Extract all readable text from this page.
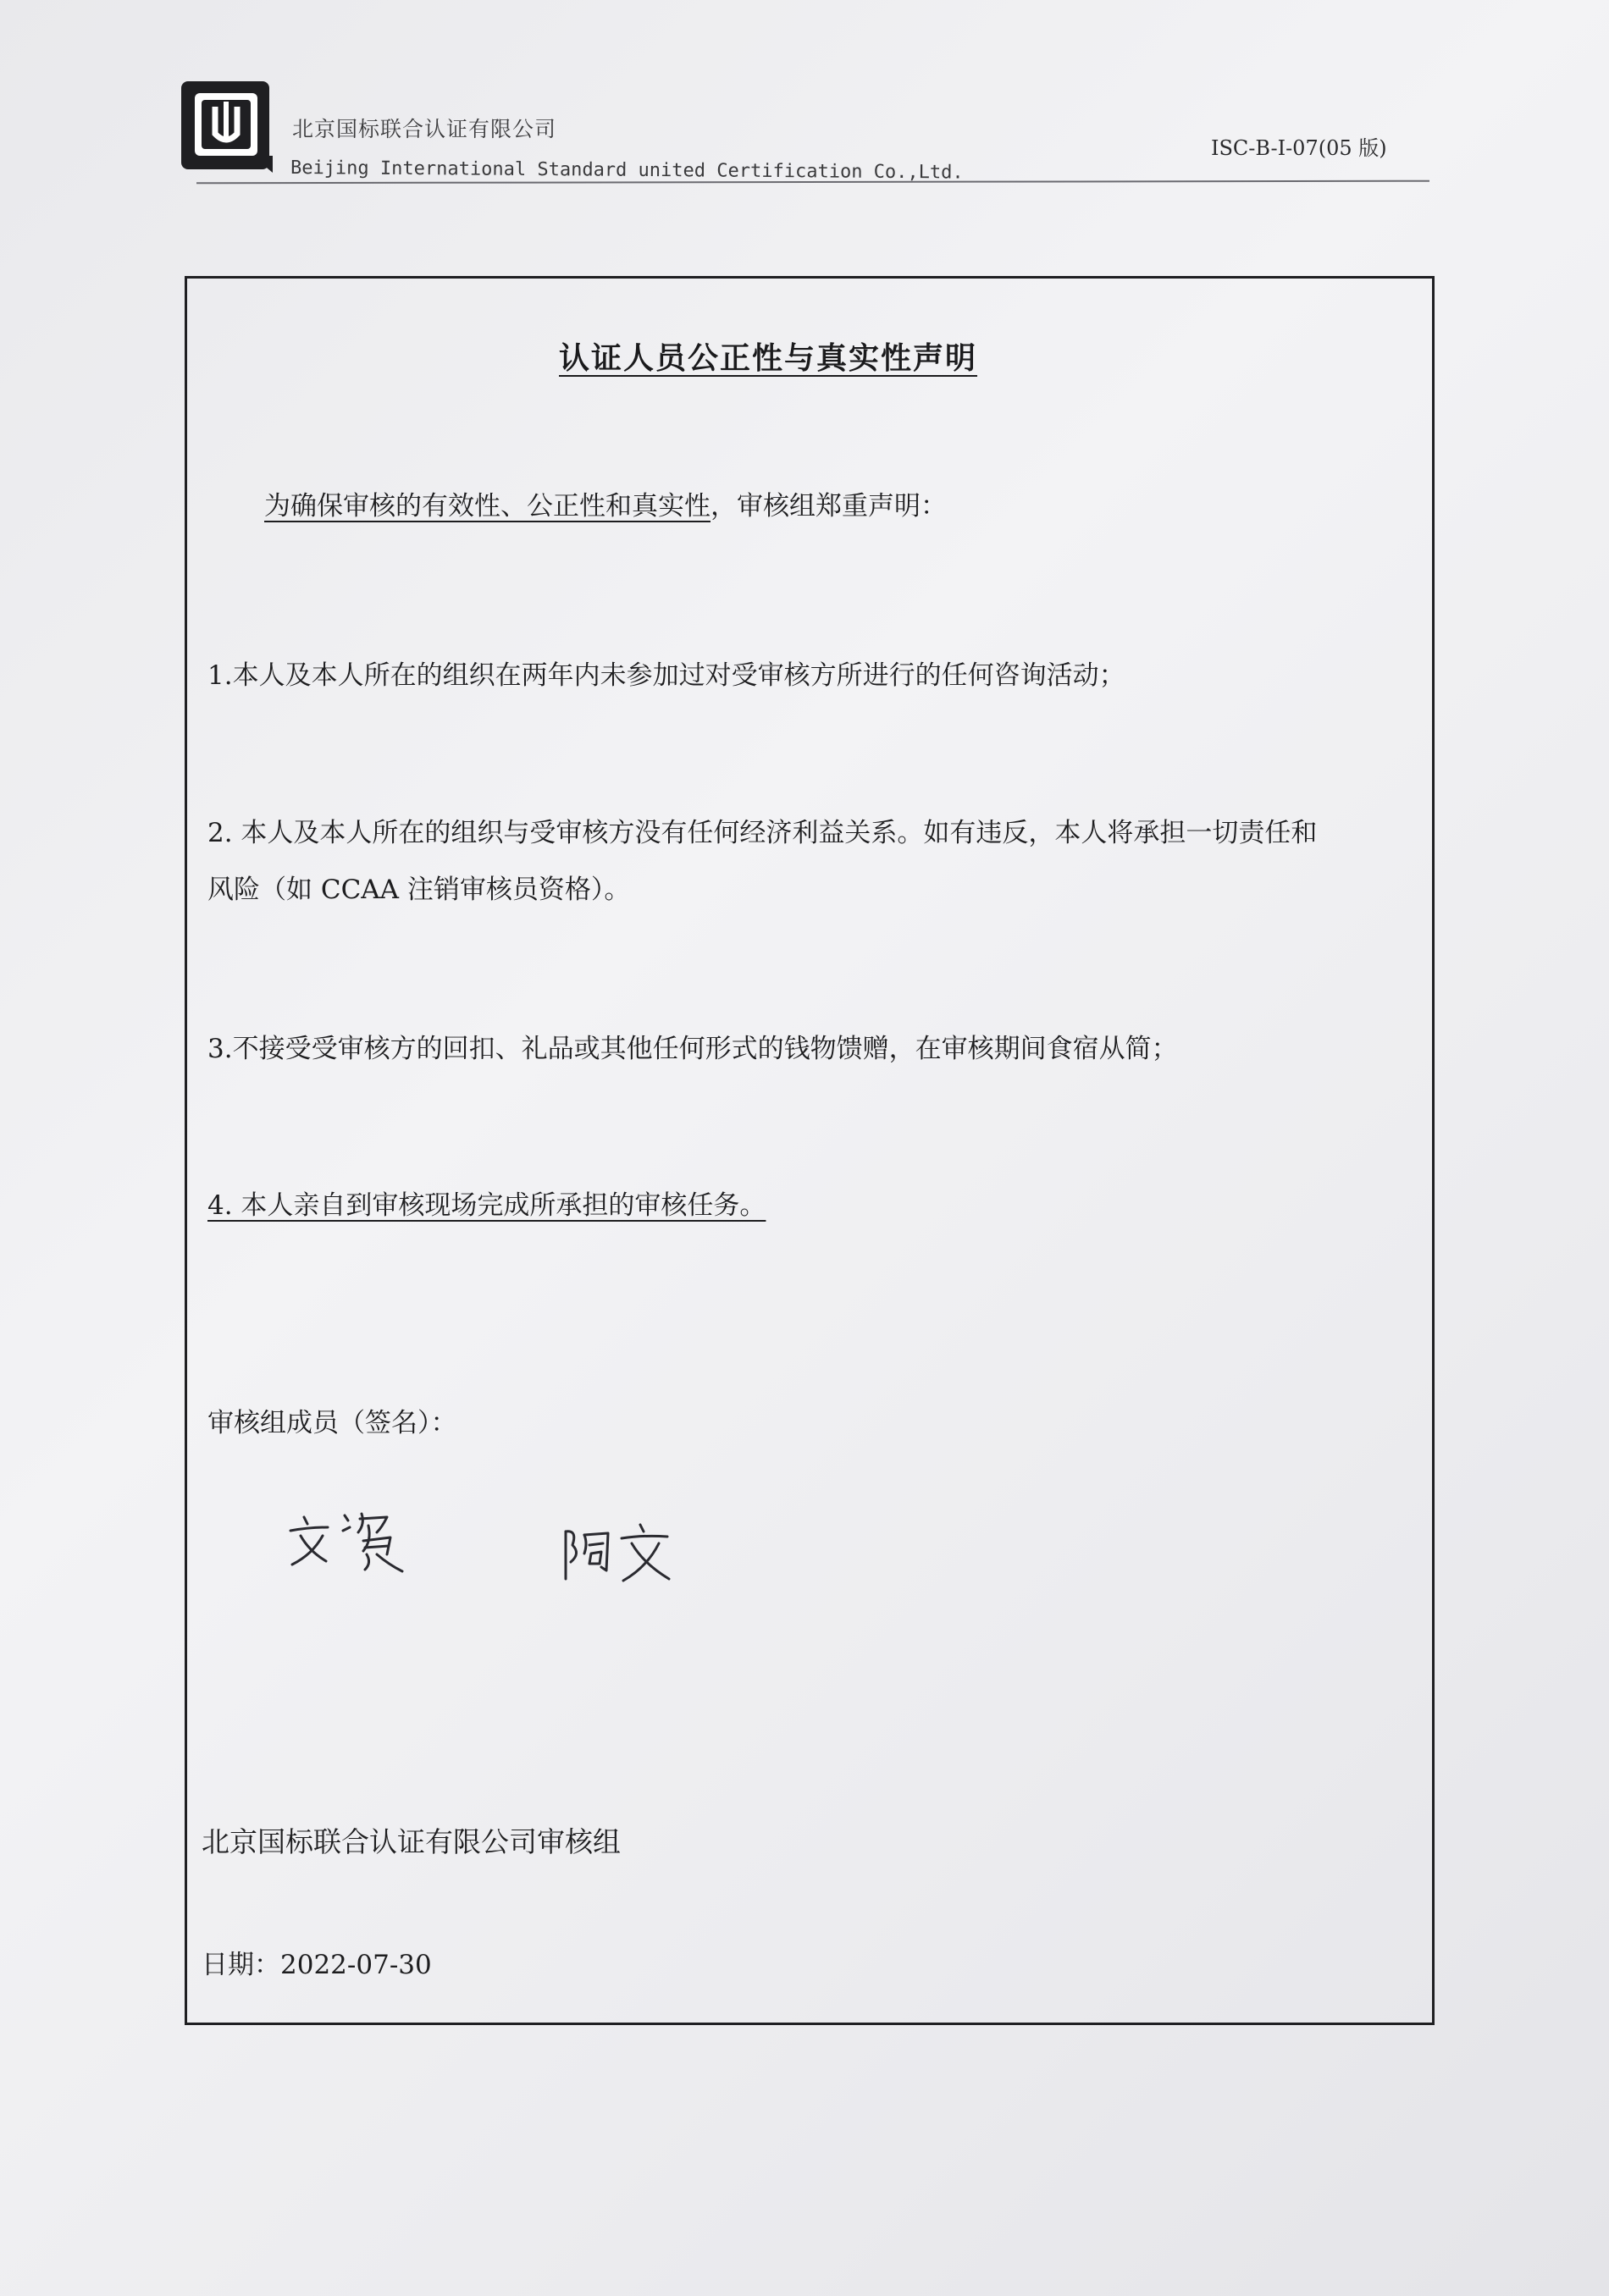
北京国标联合认证有限公司
Beijing International Standard united Certification Co.,Ltd.
ISC-B-I-07(05 版)
认证人员公正性与真实性声明
为确保审核的有效性、公正性和真实性，审核组郑重声明：
1.本人及本人所在的组织在两年内未参加过对受审核方所进行的任何咨询活动；
2. 本人及本人所在的组织与受审核方没有任何经济利益关系。如有违反，本人将承担一切责任和
风险（如 CCAA 注销审核员资格）。
3.不接受受审核方的回扣、礼品或其他任何形式的钱物馈赠，在审核期间食宿从简；
4. 本人亲自到审核现场完成所承担的审核任务。
审核组成员（签名）：
北京国标联合认证有限公司审核组
日期：2022-07-30
